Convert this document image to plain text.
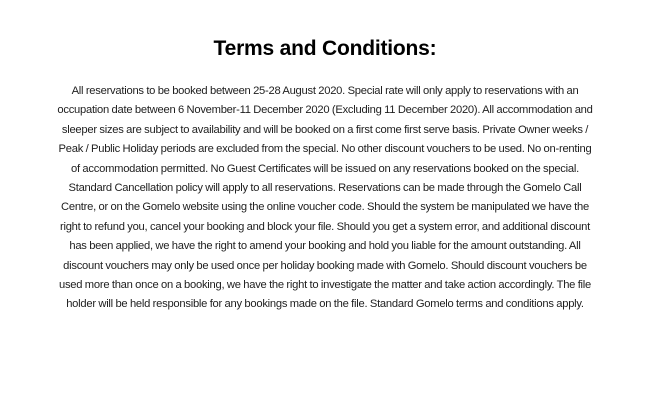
Terms and Conditions:

All reservations to be booked between 25-28 August 2020. Special rate will only apply to reservations with an occupation date between 6 November-11 December 2020 (Excluding 11 December 2020). All accommodation and sleeper sizes are subject to availability and will be booked on a first come first serve basis. Private Owner weeks / Peak / Public Holiday periods are excluded from the special. No other discount vouchers to be used. No on-renting of accommodation permitted. No Guest Certificates will be issued on any reservations booked on the special. Standard Cancellation policy will apply to all reservations. Reservations can be made through the Gomelo Call Centre, or on the Gomelo website using the online voucher code. Should the system be manipulated we have the right to refund you, cancel your booking and block your file. Should you get a system error, and additional discount has been applied, we have the right to amend your booking and hold you liable for the amount outstanding. All discount vouchers may only be used once per holiday booking made with Gomelo. Should discount vouchers be used more than once on a booking, we have the right to investigate the matter and take action accordingly. The file holder will be held responsible for any bookings made on the file. Standard Gomelo terms and conditions apply.
